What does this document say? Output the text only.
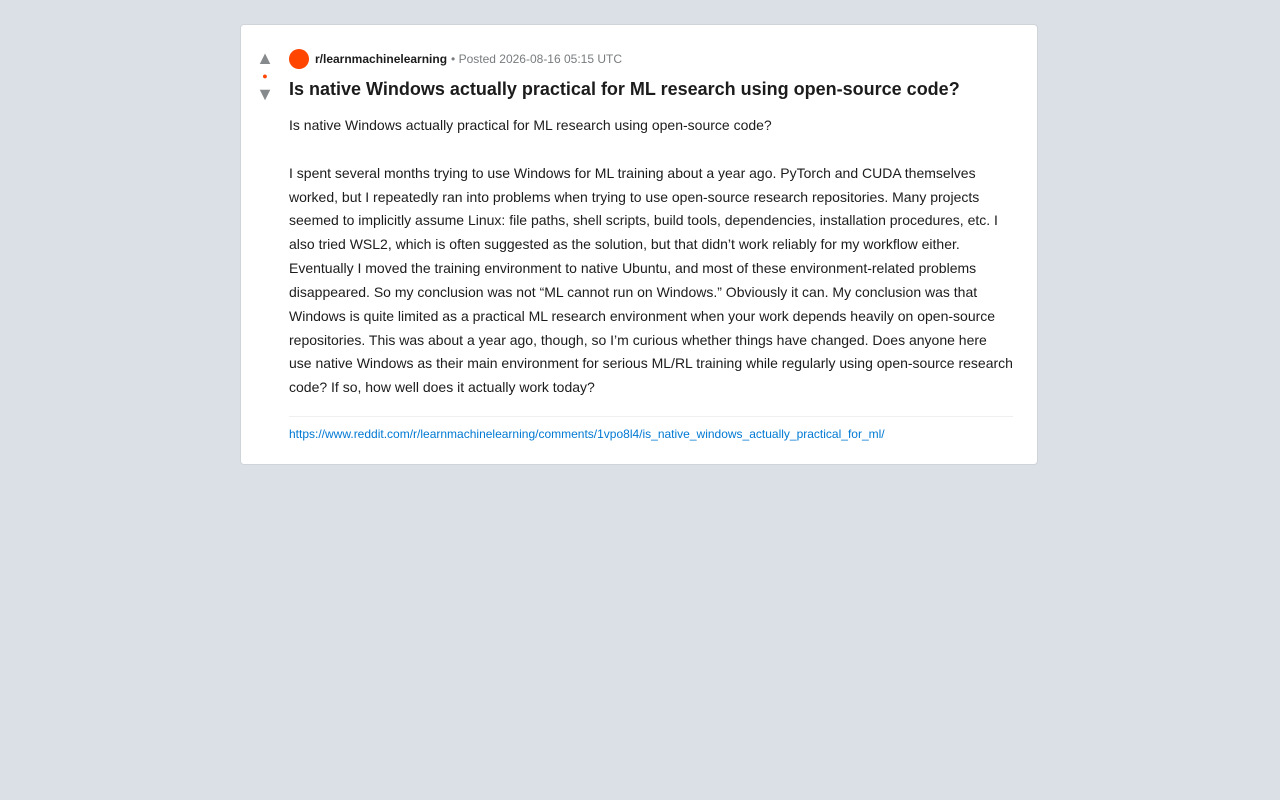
▲
●
▼
r/learnmachinelearning • Posted 2026-08-16 05:15 UTC
Is native Windows actually practical for ML research using open-source code?
Is native Windows actually practical for ML research using open-source code?

I spent several months trying to use Windows for ML training about a year ago. PyTorch and CUDA themselves worked, but I repeatedly ran into problems when trying to use open-source research repositories. Many projects seemed to implicitly assume Linux: file paths, shell scripts, build tools, dependencies, installation procedures, etc. I also tried WSL2, which is often suggested as the solution, but that didn’t work reliably for my workflow either. Eventually I moved the training environment to native Ubuntu, and most of these environment-related problems disappeared. So my conclusion was not “ML cannot run on Windows.” Obviously it can. My conclusion was that Windows is quite limited as a practical ML research environment when your work depends heavily on open-source repositories. This was about a year ago, though, so I’m curious whether things have changed. Does anyone here use native Windows as their main environment for serious ML/RL training while regularly using open-source research code? If so, how well does it actually work today?
https://www.reddit.com/r/learnmachinelearning/comments/1vpo8l4/is_native_windows_actually_practical_for_ml/
